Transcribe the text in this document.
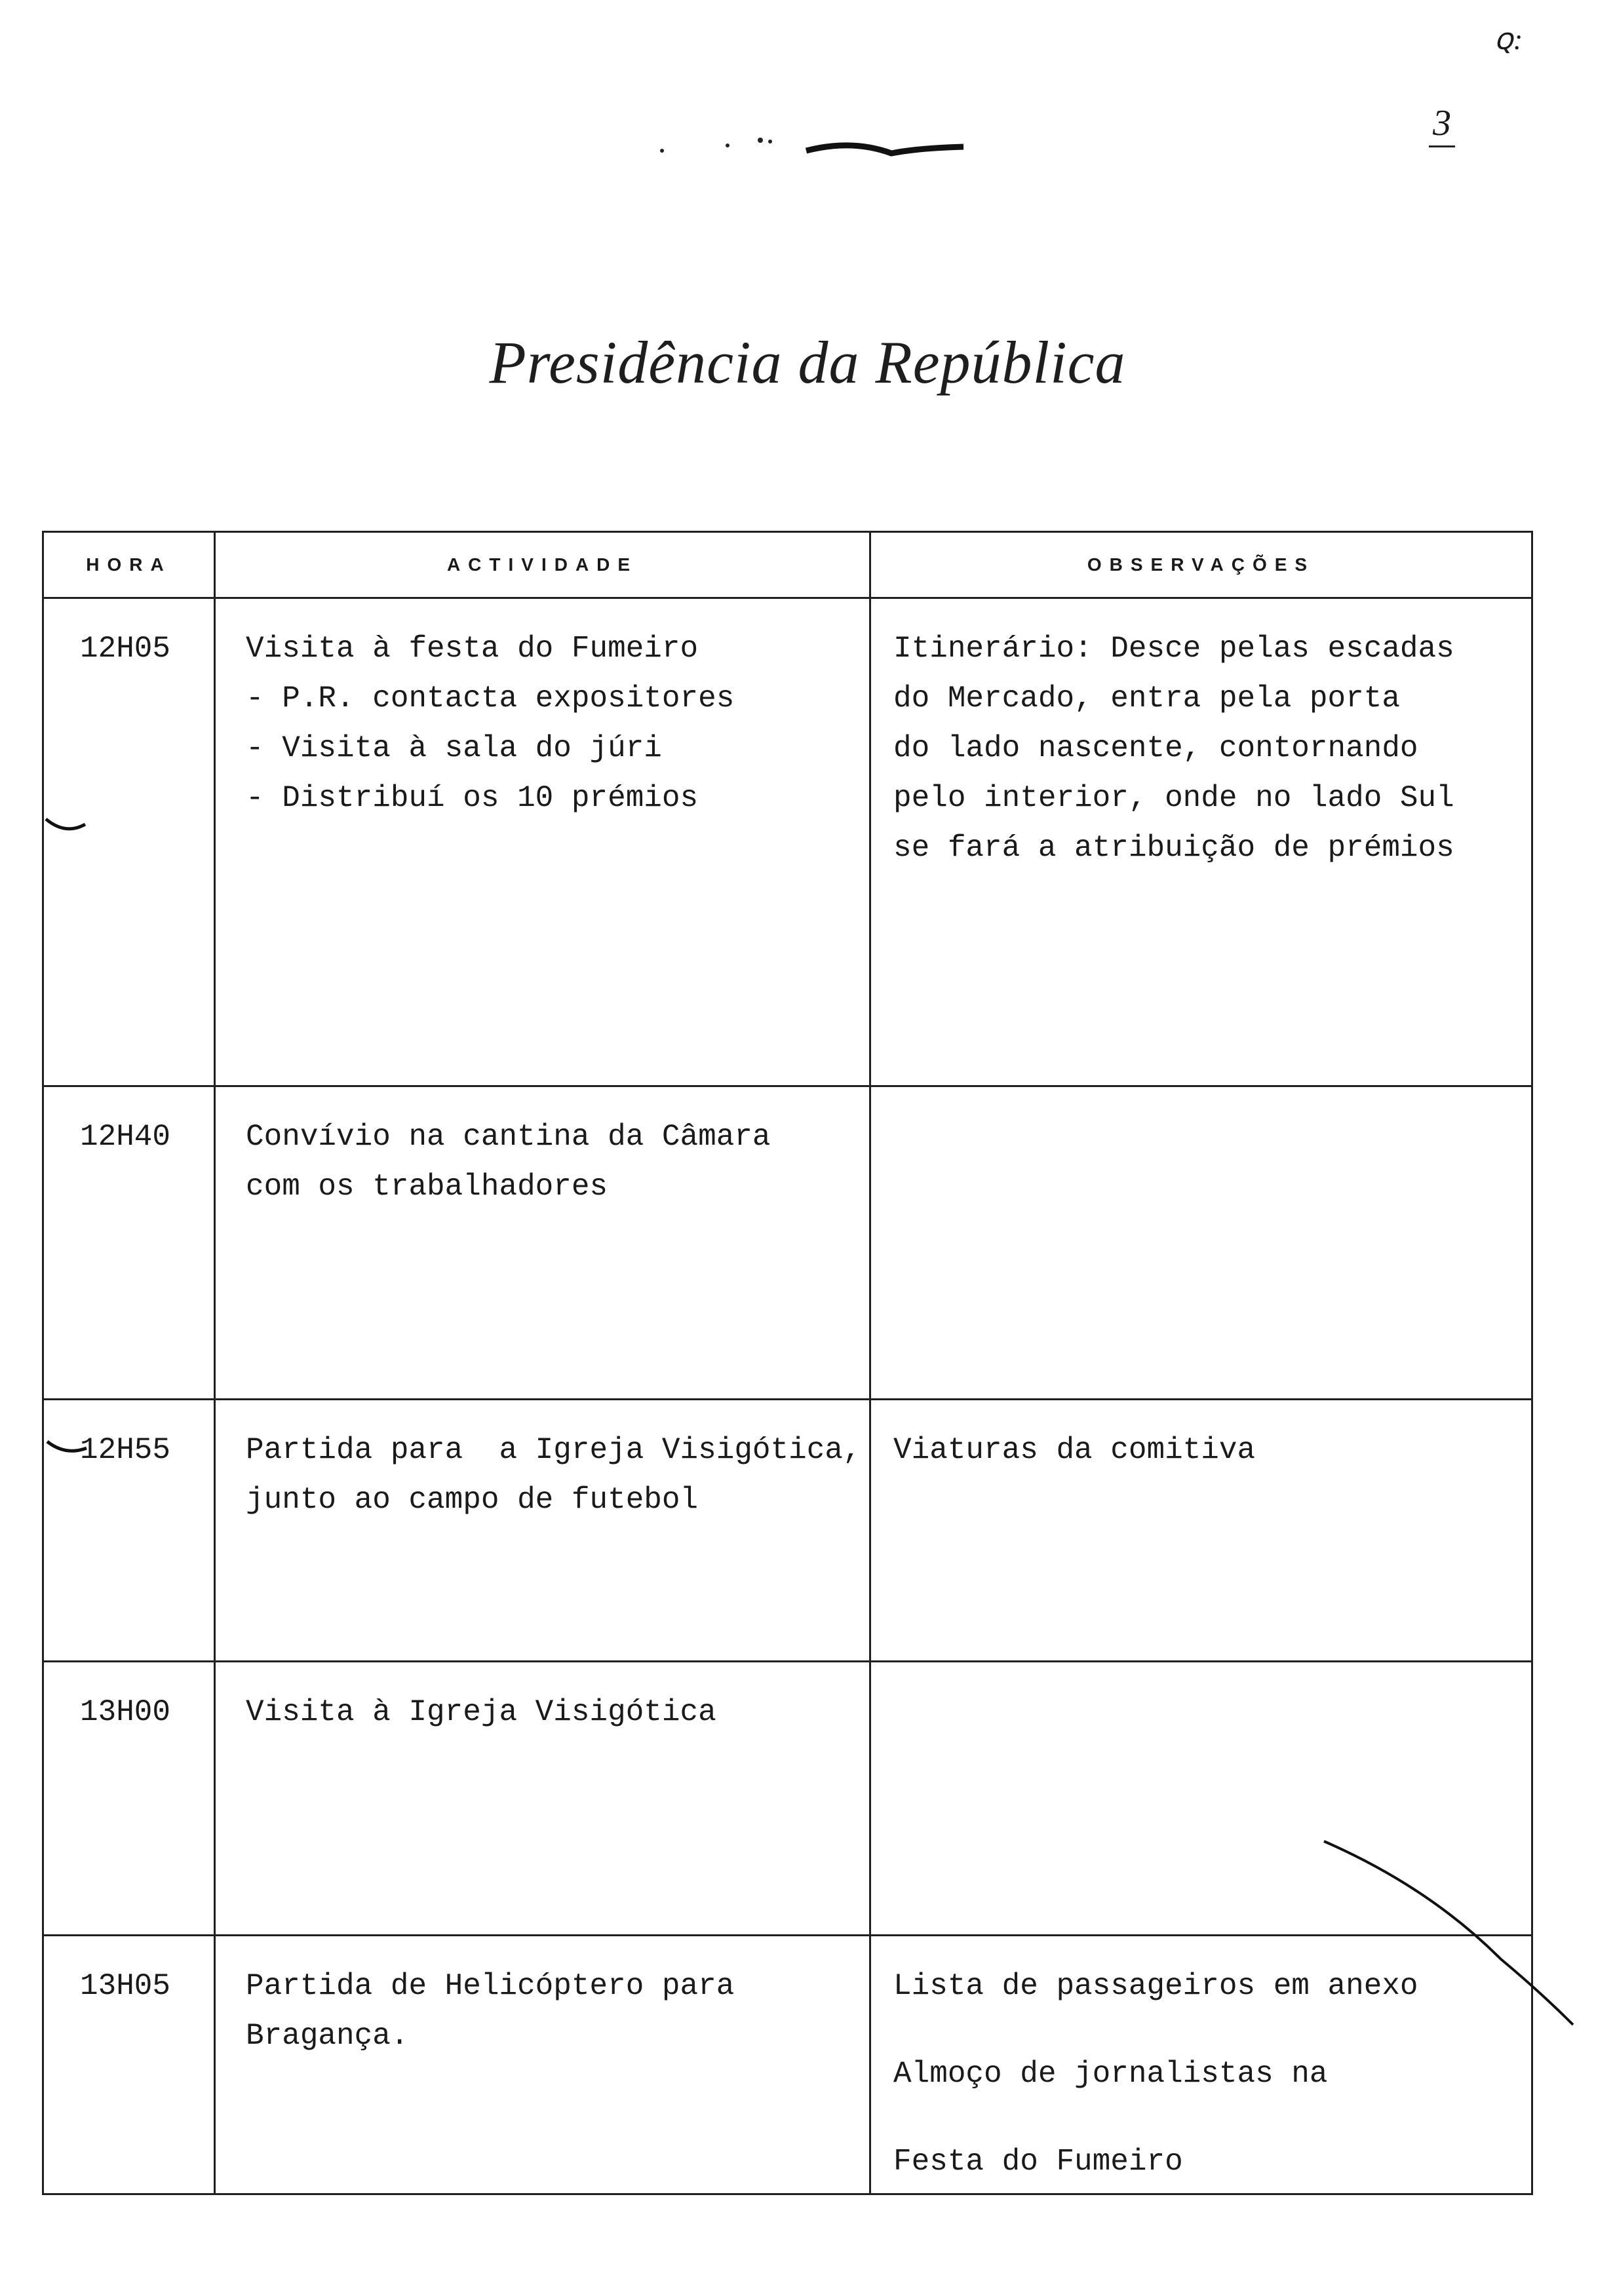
ꞯ :
3
Presidência da República
HORA	ACTIVIDADE	OBSERVAÇÕES
12H05	Visita à festa do Fumeiro
- P.R. contacta expositores
- Visita à sala do júri
- Distribuí os 10 prémios	Itinerário: Desce pelas escadas
do Mercado, entra pela porta
do lado nascente, contornando
pelo interior, onde no lado Sul
se fará a atribuição de prémios

12H40	Convívio na cantina da Câmara
com os trabalhadores	

12H55	Partida para  a Igreja Visigótica,
junto ao campo de futebol	Viaturas da comitiva

13H00	Visita à Igreja Visigótica	

13H05	Partida de Helicóptero para
Bragança.	Lista de passageiros em anexo
Almoço de jornalistas na
Festa do Fumeiro
